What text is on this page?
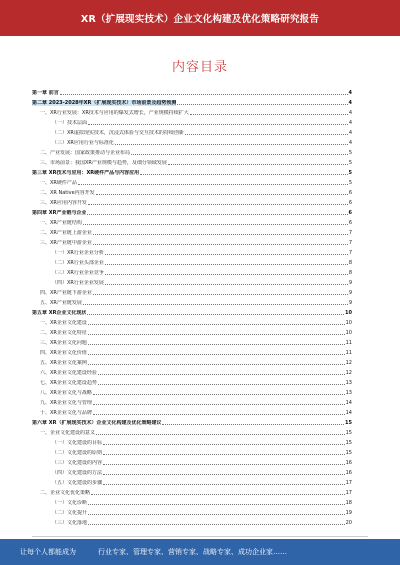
XR（扩展现实技术）企业文化构建及优化策略研究报告
内容目录
第一章 前言	4
第二章 2023-2028年XR（扩展现实技术）市场前景及趋势预测	4
一、XR行业发展：XR技术与应用的爆发式增长，产业规模持续扩大	4
（一）技术层面	4
（二）XR虚拟现实技术，沉浸式体验与交互技术的持续创新	4
（三）XR应用行业与标准化	4
二、产业发展：国家政策推动与企业布局	5
三、市场前景：我国XR产业规模与趋势，及细分领域发展	5
第三章 XR技术与应用：XR硬件产品与内容应用	5
一、XR硬件产品	5
二、XR Native内容开发	6
三、XR应用内容开发	6
第四章 XR产业链与企业	6
一、XR产业链结构	6
二、XR产业链上游企业	7
三、XR产业链中游企业	7
（一）XR行业企业分析	7
（二）XR行业头部企业	8
（三）XR行业企业竞争	8
（四）XR行业企业发展	9
四、XR产业链下游企业	9
五、XR产业链发展	9
第五章 XR企业文化现状	10
一、XR企业文化建设	10
二、XR企业文化特征	10
三、XR企业文化问题	11
四、XR企业文化价值	11
五、XR企业文化案例	12
六、XR企业文化建设经验	12
七、XR企业文化建设趋势	13
八、XR企业文化与战略	13
九、XR企业文化与管理	14
十、XR企业文化与品牌	14
第六章 XR（扩展现实技术）企业文化构建及优化策略建议	15
一、企业文化建设的意义	15
（一）文化建设的目标	15
（二）文化建设的原则	15
（三）文化建设的内容	16
（四）文化建设的方法	16
（五）文化建设的步骤	17
二、企业文化优化策略	17
（一）文化诊断	18
（二）文化提升	19
（三）文化落地	20
让每个人都能成为	行业专家、管理专家、营销专家、战略专家、成功企业家……
